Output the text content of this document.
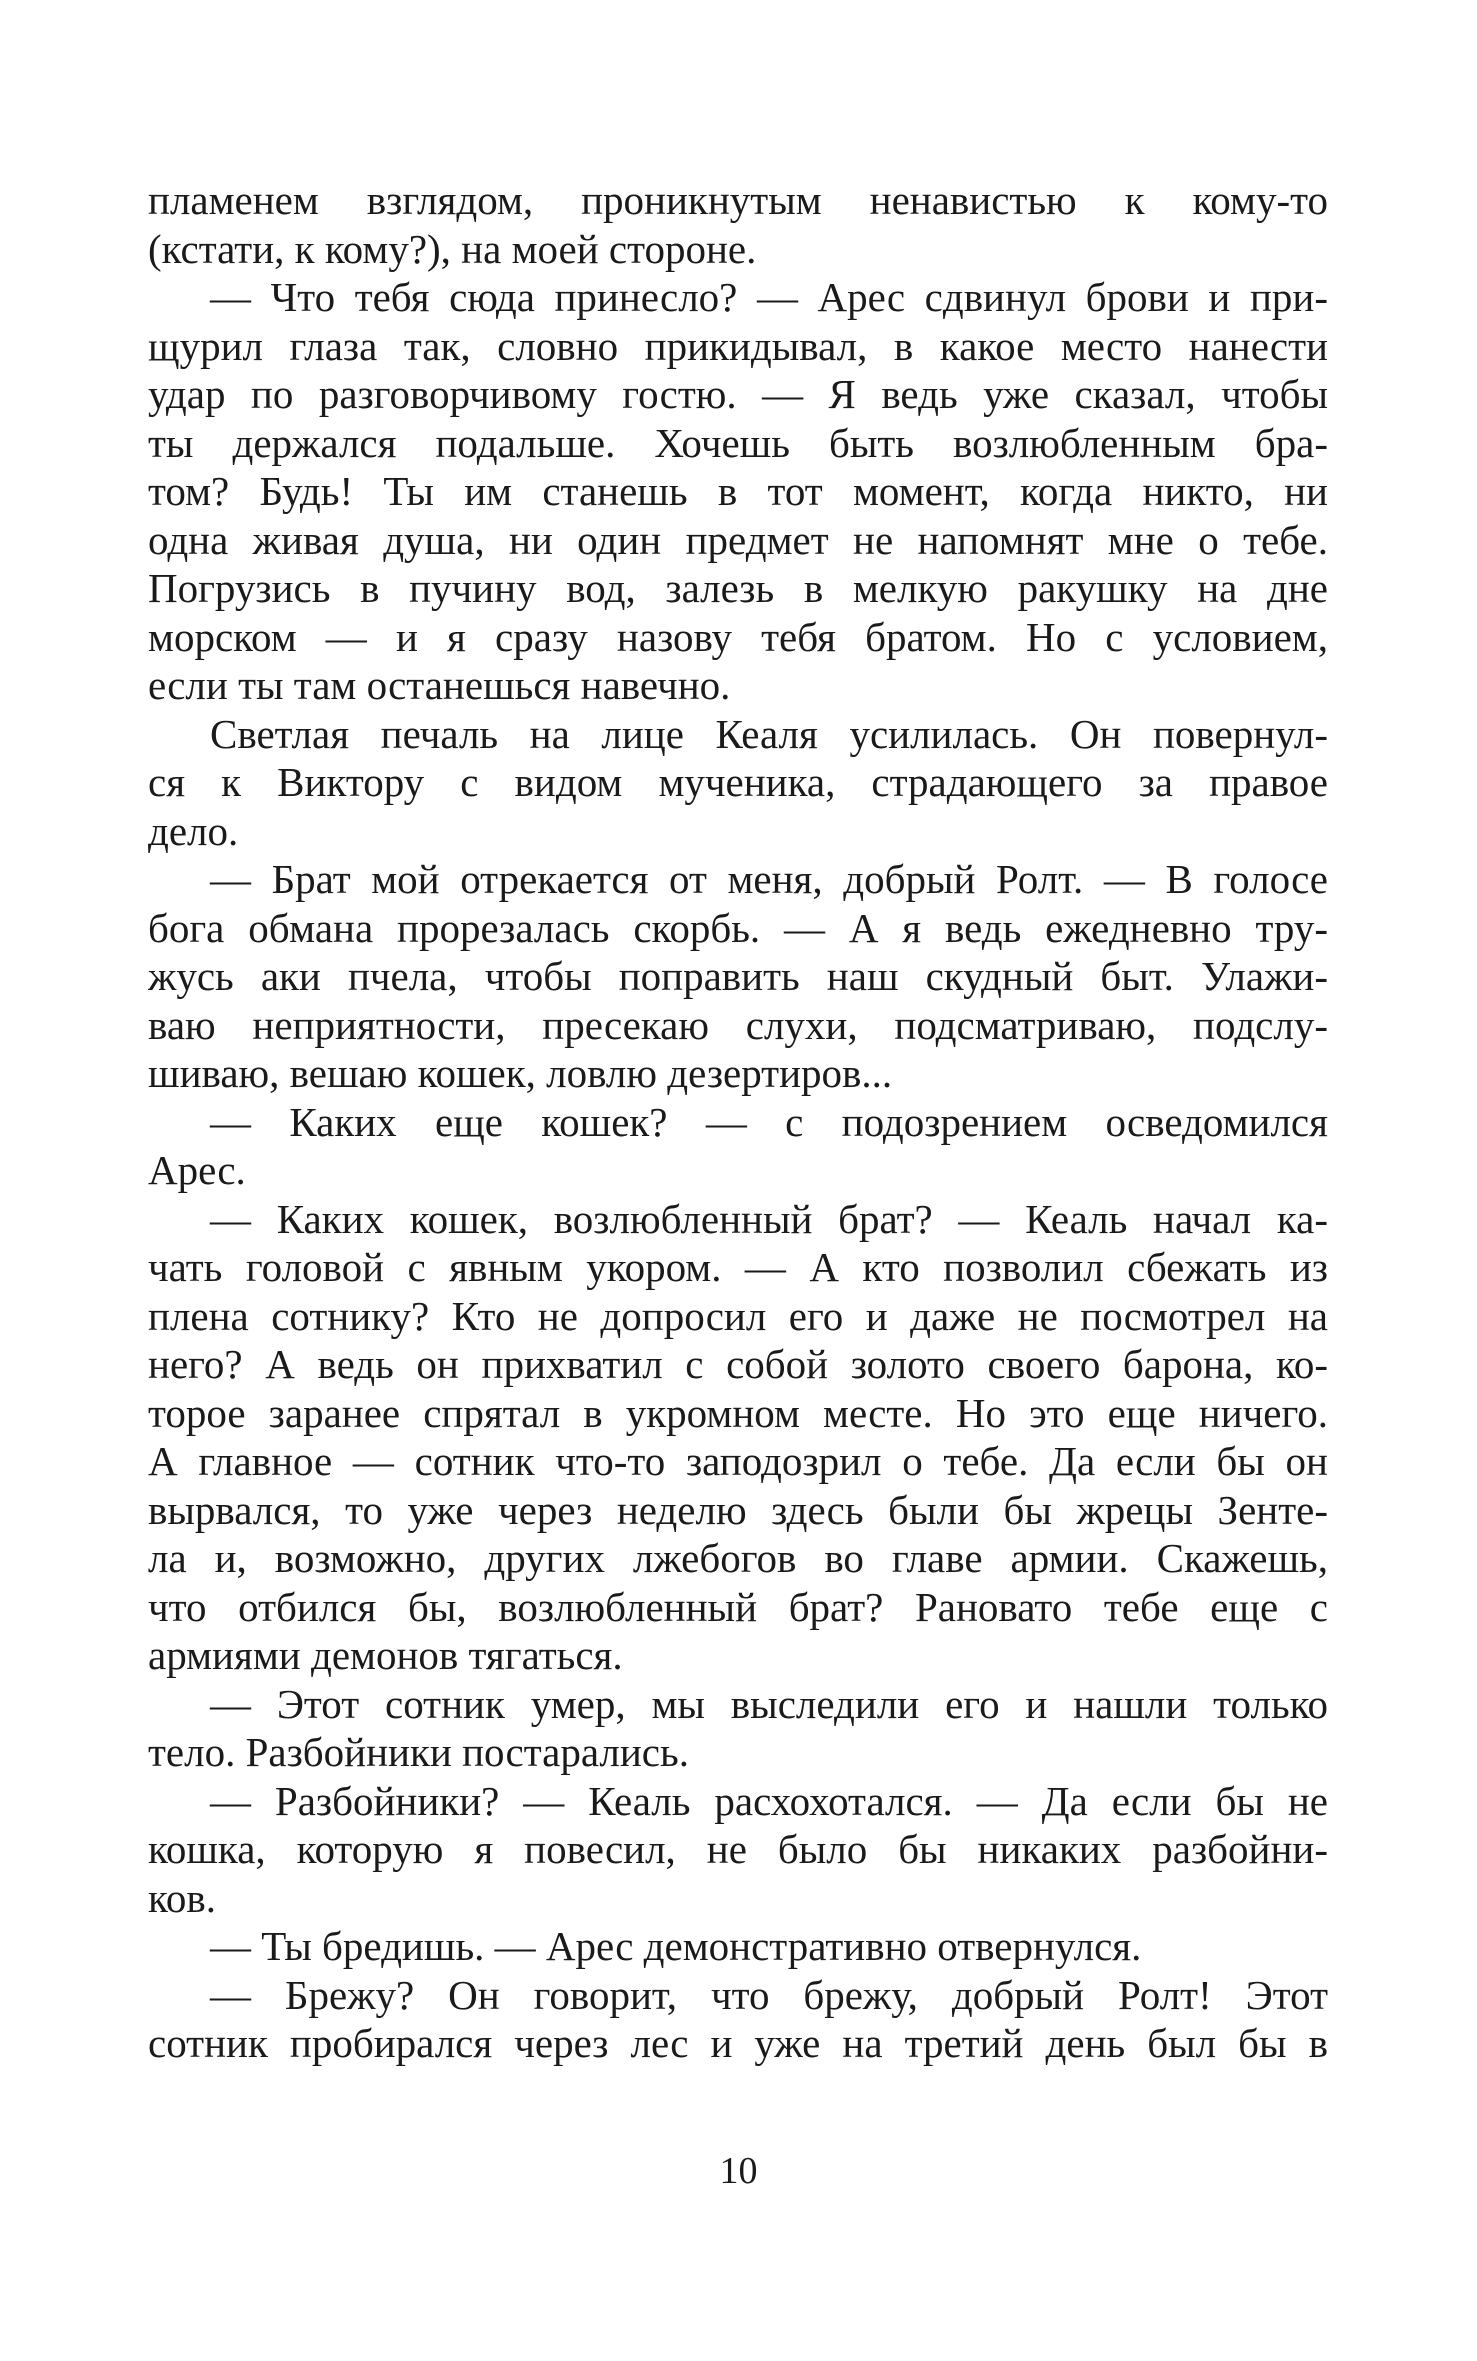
пламенем взглядом, проникнутым ненавистью к кому-то
(кстати, к кому?), на моей стороне.
— Что тебя сюда принесло? — Арес сдвинул брови и при-
щурил глаза так, словно прикидывал, в какое место нанести
удар по разговорчивому гостю. — Я ведь уже сказал, чтобы
ты держался подальше. Хочешь быть возлюбленным бра-
том? Будь! Ты им станешь в тот момент, когда никто, ни
одна живая душа, ни один предмет не напомнят мне о тебе.
Погрузись в пучину вод, залезь в мелкую ракушку на дне
морском — и я сразу назову тебя братом. Но с условием,
если ты там останешься навечно.
Светлая печаль на лице Кеаля усилилась. Он повернул-
ся к Виктору с видом мученика, страдающего за правое
дело.
— Брат мой отрекается от меня, добрый Ролт. — В голосе
бога обмана прорезалась скорбь. — А я ведь ежедневно тру-
жусь аки пчела, чтобы поправить наш скудный быт. Улажи-
ваю неприятности, пресекаю слухи, подсматриваю, подслу-
шиваю, вешаю кошек, ловлю дезертиров...
— Каких еще кошек? — с подозрением осведомился
Арес.
— Каких кошек, возлюбленный брат? — Кеаль начал ка-
чать головой с явным укором. — А кто позволил сбежать из
плена сотнику? Кто не допросил его и даже не посмотрел на
него? А ведь он прихватил с собой золото своего барона, ко-
торое заранее спрятал в укромном месте. Но это еще ничего.
А главное — сотник что-то заподозрил о тебе. Да если бы он
вырвался, то уже через неделю здесь были бы жрецы Зенте-
ла и, возможно, других лжебогов во главе армии. Скажешь,
что отбился бы, возлюбленный брат? Рановато тебе еще с
армиями демонов тягаться.
— Этот сотник умер, мы выследили его и нашли только
тело. Разбойники постарались.
— Разбойники? — Кеаль расхохотался. — Да если бы не
кошка, которую я повесил, не было бы никаких разбойни-
ков.
— Ты бредишь. — Арес демонстративно отвернулся.
— Брежу? Он говорит, что брежу, добрый Ролт! Этот
сотник пробирался через лес и уже на третий день был бы в
10
